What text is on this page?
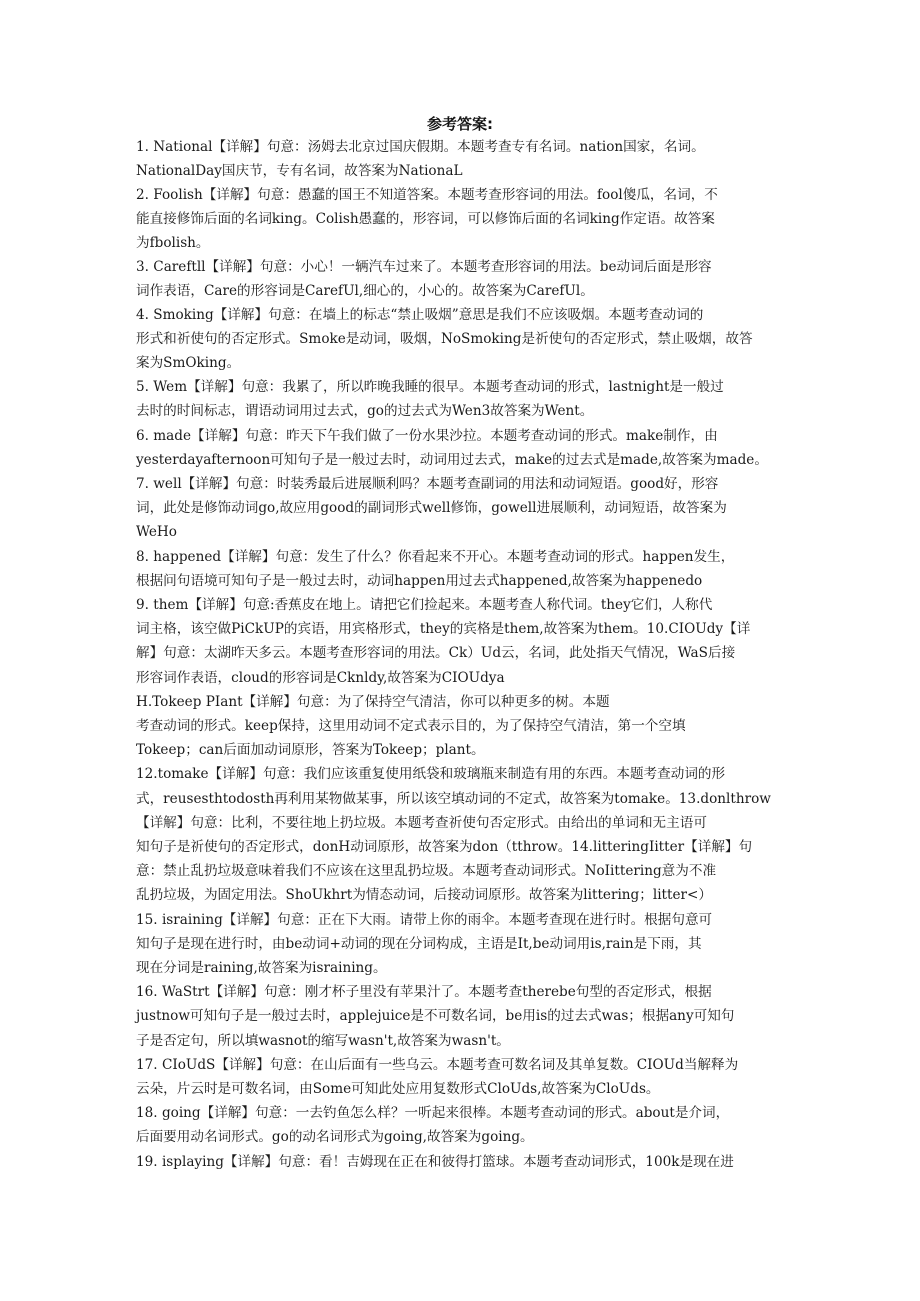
参考答案:
1. National【详解】句意：汤姆去北京过国庆假期。本题考查专有名词。nation国家，名词。
NationalDay国庆节，专有名词，故答案为NationaL
2. Foolish【详解】句意：愚蠢的国王不知道答案。本题考查形容词的用法。fool傻瓜，名词，不
能直接修饰后面的名词king。Colish愚蠢的，形容词，可以修饰后面的名词king作定语。故答案
为fbolish。
3. Careftll【详解】句意：小心！一辆汽车过来了。本题考查形容词的用法。be动词后面是形容
词作表语，Care的形容词是CarefUl,细心的，小心的。故答案为CarefUl。
4. Smoking【详解】句意：在墙上的标志“禁止吸烟”意思是我们不应该吸烟。本题考查动词的
形式和祈使句的否定形式。Smoke是动词，吸烟，NoSmoking是祈使句的否定形式，禁止吸烟，故答
案为SmOking。
5. Wem【详解】句意：我累了，所以昨晚我睡的很早。本题考查动词的形式，lastnight是一般过
去时的时间标志，谓语动词用过去式，go的过去式为Wen3故答案为Went。
6. made【详解】句意：昨天下午我们做了一份水果沙拉。本题考查动词的形式。make制作，由
yesterdayafternoon可知句子是一般过去时，动词用过去式，make的过去式是made,故答案为made。
7. well【详解】句意：时装秀最后进展顺利吗？本题考查副词的用法和动词短语。good好，形容
词，此处是修饰动词go,故应用good的副词形式well修饰，gowell进展顺利，动词短语，故答案为
WeHo
8. happened【详解】句意：发生了什么？你看起来不开心。本题考查动词的形式。happen发生，
根据问句语境可知句子是一般过去时，动词happen用过去式happened,故答案为happenedo
9. them【详解】句意:香蕉皮在地上。请把它们捡起来。本题考查人称代词。they它们，人称代
词主格，该空做PiCkUP的宾语，用宾格形式，they的宾格是them,故答案为them。10.CIOUdy【详
解】句意：太湖昨天多云。本题考查形容词的用法。Ck）Ud云，名词，此处指天气情况，WaS后接
形容词作表语，cloud的形容词是Cknldy,故答案为CIOUdya
H.Tokeep PIant【详解】句意：为了保持空气清洁，你可以种更多的树。本题
考查动词的形式。keep保持，这里用动词不定式表示目的，为了保持空气清洁，第一个空填
Tokeep；can后面加动词原形，答案为Tokeep；plant。
12.tomake【详解】句意：我们应该重复使用纸袋和玻璃瓶来制造有用的东西。本题考查动词的形
式，reusesthtodosth再利用某物做某事，所以该空填动词的不定式，故答案为tomake。13.donlthrow
【详解】句意：比利，不要往地上扔垃圾。本题考查祈使句否定形式。由给出的单词和无主语可
知句子是祈使句的否定形式，donH动词原形，故答案为don（tthrow。14.litteringIitter【详解】句
意：禁止乱扔垃圾意味着我们不应该在这里乱扔垃圾。本题考查动词形式。NoIittering意为不准
乱扔垃圾，为固定用法。ShoUkhrt为情态动词，后接动词原形。故答案为littering；litter<）
15. israining【详解】句意：正在下大雨。请带上你的雨伞。本题考查现在进行时。根据句意可
知句子是现在进行时，由be动词+动词的现在分词构成，主语是It,be动词用is,rain是下雨，其
现在分词是raining,故答案为israining。
16. WaStrt【详解】句意：刚才杯子里没有苹果汁了。本题考查therebe句型的否定形式，根据
justnow可知句子是一般过去时，applejuice是不可数名词，be用is的过去式was；根据any可知句
子是否定句，所以填wasnot的缩写wasn't,故答案为wasn't。
17. CIoUdS【详解】句意：在山后面有一些乌云。本题考查可数名词及其单复数。CIOUd当解释为
云朵，片云时是可数名词，由Some可知此处应用复数形式CloUds,故答案为CloUds。
18. going【详解】句意：一去钓鱼怎么样？一听起来很棒。本题考查动词的形式。about是介词，
后面要用动名词形式。go的动名词形式为going,故答案为going。
19. isplaying【详解】句意：看！吉姆现在正在和彼得打篮球。本题考查动词形式，100k是现在进
